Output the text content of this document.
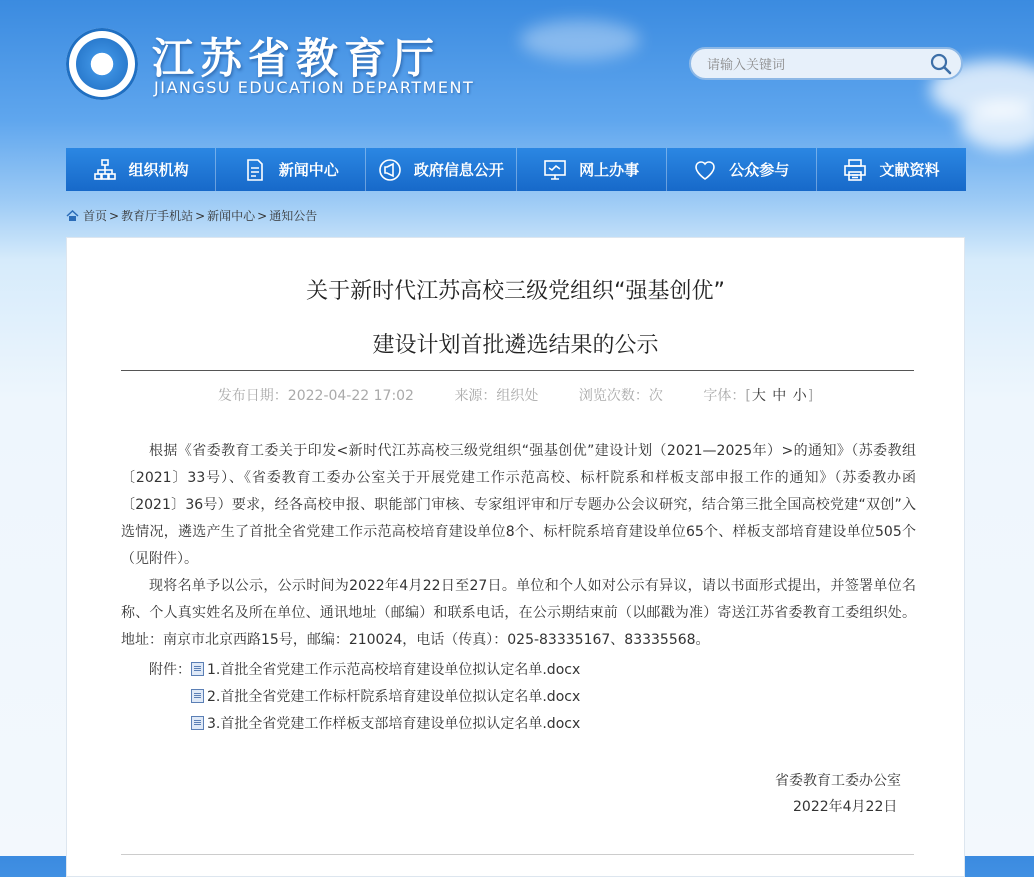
江苏省教育厅
JIANGSU EDUCATION DEPARTMENT
请输入关键词
组织机构	新闻中心	政府信息公开	网上办事	公众参与	文献资料
首页 > 教育厅手机站 > 新闻中心 > 通知公告
关于新时代江苏高校三级党组织“强基创优”
建设计划首批遴选结果的公示
发布日期：2022-04-22 17:02	来源：组织处	浏览次数：次	字体：[大 中 小]

根据《省委教育工委关于印发<新时代江苏高校三级党组织“强基创优”建设计划（2021—2025年）>的通知》（苏委教组〔2021〕33号）、《省委教育工委办公室关于开展党建工作示范高校、标杆院系和样板支部申报工作的通知》（苏委教办函〔2021〕36号）要求，经各高校申报、职能部门审核、专家组评审和厅专题办公会议研究，结合第三批全国高校党建“双创”入选情况，遴选产生了首批全省党建工作示范高校培育建设单位8个、标杆院系培育建设单位65个、样板支部培育建设单位505个（见附件）。

现将名单予以公示，公示时间为2022年4月22日至27日。单位和个人如对公示有异议，请以书面形式提出，并签署单位名称、个人真实姓名及所在单位、通讯地址（邮编）和联系电话，在公示期结束前（以邮戳为准）寄送江苏省委教育工委组织处。地址：南京市北京西路15号，邮编：210024，电话（传真）：025-83335167、83335568。

附件： 1.首批全省党建工作示范高校培育建设单位拟认定名单.docx
2.首批全省党建工作标杆院系培育建设单位拟认定名单.docx
3.首批全省党建工作样板支部培育建设单位拟认定名单.docx
省委教育工委办公室
2022年4月22日
